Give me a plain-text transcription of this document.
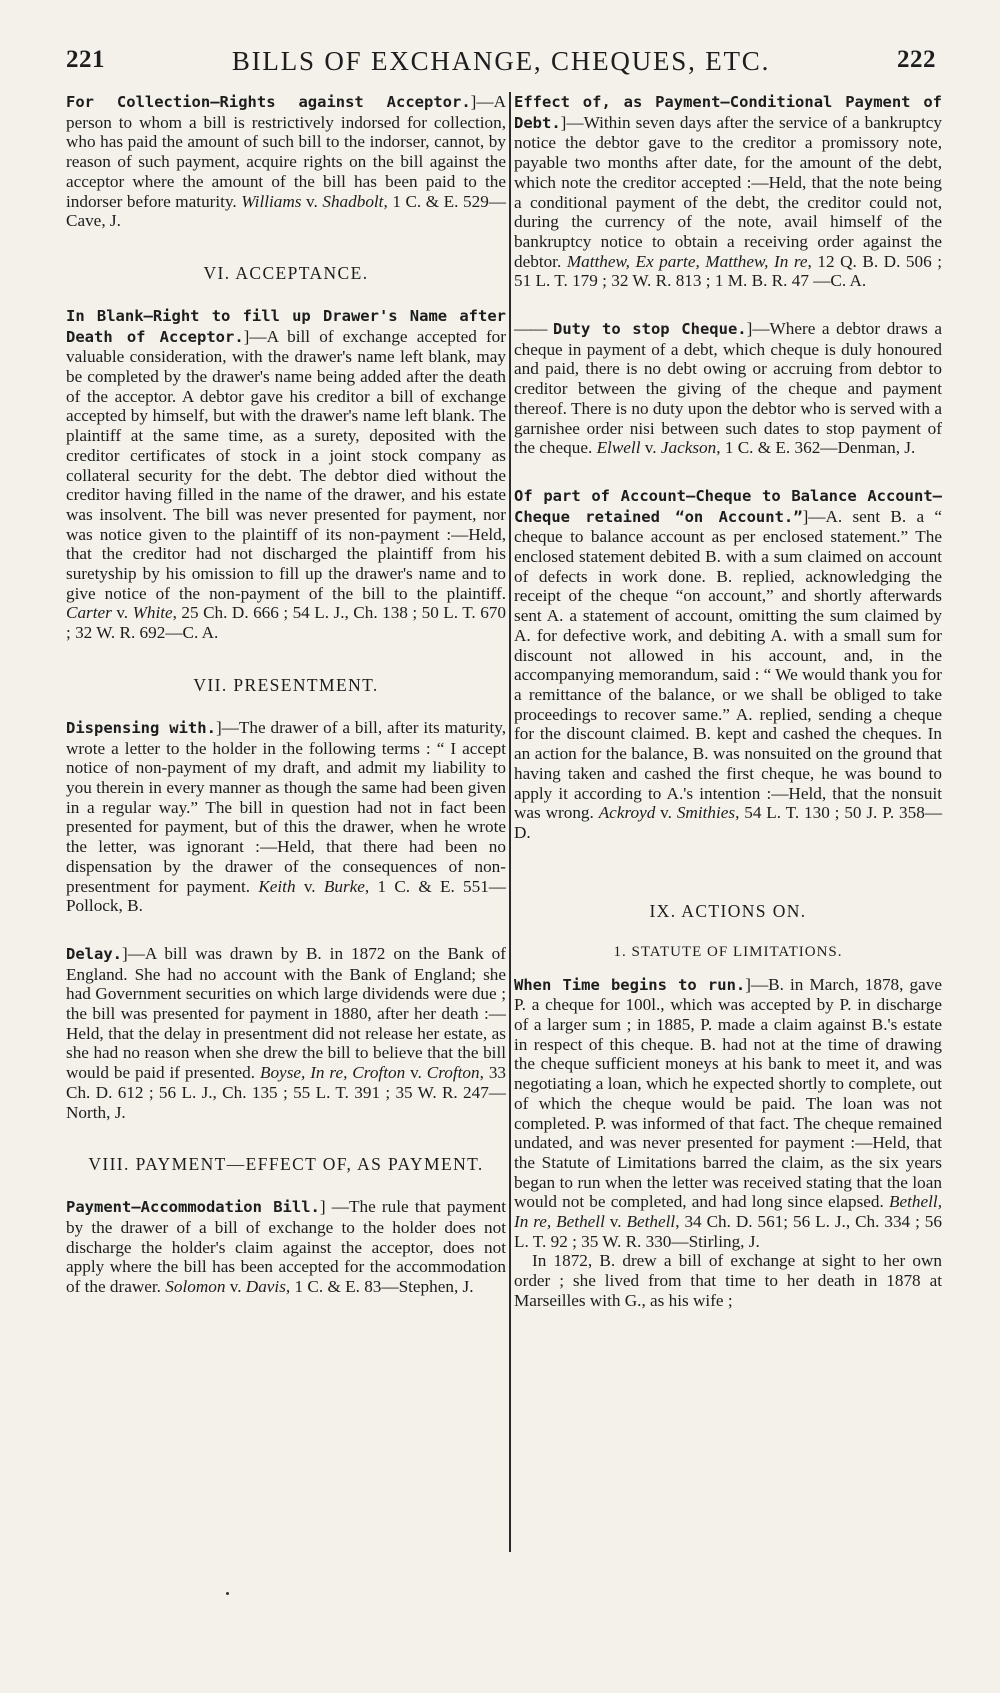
221	BILLS OF EXCHANGE, CHEQUES, ETC.	222

For Collection—Rights against Acceptor.]—A person to whom a bill is restrictively indorsed for collection, who has paid the amount of such bill to the indorser, cannot, by reason of such payment, acquire rights on the bill against the acceptor where the amount of the bill has been paid to the indorser before maturity. Williams v. Shadbolt, 1 C. & E. 529—Cave, J.

VI. ACCEPTANCE.

In Blank—Right to fill up Drawer's Name after Death of Acceptor.]—A bill of exchange accepted for valuable consideration, with the drawer's name left blank, may be completed by the drawer's name being added after the death of the acceptor. A debtor gave his creditor a bill of exchange accepted by himself, but with the drawer's name left blank. The plaintiff at the same time, as a surety, deposited with the creditor certificates of stock in a joint stock company as collateral security for the debt. The debtor died without the creditor having filled in the name of the drawer, and his estate was insolvent. The bill was never presented for payment, nor was notice given to the plaintiff of its non-payment :—Held, that the creditor had not discharged the plaintiff from his suretyship by his omission to fill up the drawer's name and to give notice of the non-payment of the bill to the plaintiff. Carter v. White, 25 Ch. D. 666 ; 54 L. J., Ch. 138 ; 50 L. T. 670 ; 32 W. R. 692—C. A.

VII. PRESENTMENT.

Dispensing with.]—The drawer of a bill, after its maturity, wrote a letter to the holder in the following terms : “ I accept notice of non-payment of my draft, and admit my liability to you therein in every manner as though the same had been given in a regular way.” The bill in question had not in fact been presented for payment, but of this the drawer, when he wrote the letter, was ignorant :—Held, that there had been no dispensation by the drawer of the consequences of non-presentment for payment. Keith v. Burke, 1 C. & E. 551—Pollock, B.

Delay.]—A bill was drawn by B. in 1872 on the Bank of England. She had no account with the Bank of England; she had Government securities on which large dividends were due ; the bill was presented for payment in 1880, after her death :—Held, that the delay in presentment did not release her estate, as she had no reason when she drew the bill to believe that the bill would be paid if presented. Boyse, In re, Crofton v. Crofton, 33 Ch. D. 612 ; 56 L. J., Ch. 135 ; 55 L. T. 391 ; 35 W. R. 247—North, J.

VIII. PAYMENT—EFFECT OF, AS PAYMENT.

Payment—Accommodation Bill.] —The rule that payment by the drawer of a bill of exchange to the holder does not discharge the holder's claim against the acceptor, does not apply where the bill has been accepted for the accommodation of the drawer. Solomon v. Davis, 1 C. & E. 83—Stephen, J.

Effect of, as Payment—Conditional Payment of Debt.]—Within seven days after the service of a bankruptcy notice the debtor gave to the creditor a promissory note, payable two months after date, for the amount of the debt, which note the creditor accepted :—Held, that the note being a conditional payment of the debt, the creditor could not, during the currency of the note, avail himself of the bankruptcy notice to obtain a receiving order against the debtor. Matthew, Ex parte, Matthew, In re, 12 Q. B. D. 506 ; 51 L. T. 179 ; 32 W. R. 813 ; 1 M. B. R. 47 —C. A.

—— Duty to stop Cheque.]—Where a debtor draws a cheque in payment of a debt, which cheque is duly honoured and paid, there is no debt owing or accruing from debtor to creditor between the giving of the cheque and payment thereof. There is no duty upon the debtor who is served with a garnishee order nisi between such dates to stop payment of the cheque. Elwell v. Jackson, 1 C. & E. 362—Denman, J.

Of part of Account—Cheque to Balance Account—Cheque retained “on Account.”]—A. sent B. a “ cheque to balance account as per enclosed statement.” The enclosed statement debited B. with a sum claimed on account of defects in work done. B. replied, acknowledging the receipt of the cheque “on account,” and shortly afterwards sent A. a statement of account, omitting the sum claimed by A. for defective work, and debiting A. with a small sum for discount not allowed in his account, and, in the accompanying memorandum, said : “ We would thank you for a remittance of the balance, or we shall be obliged to take proceedings to recover same.” A. replied, sending a cheque for the discount claimed. B. kept and cashed the cheques. In an action for the balance, B. was nonsuited on the ground that having taken and cashed the first cheque, he was bound to apply it according to A.'s intention :—Held, that the nonsuit was wrong. Ackroyd v. Smithies, 54 L. T. 130 ; 50 J. P. 358—D.

IX. ACTIONS ON.
1. STATUTE OF LIMITATIONS.

When Time begins to run.]—B. in March, 1878, gave P. a cheque for 100l., which was accepted by P. in discharge of a larger sum ; in 1885, P. made a claim against B.'s estate in respect of this cheque. B. had not at the time of drawing the cheque sufficient moneys at his bank to meet it, and was negotiating a loan, which he expected shortly to complete, out of which the cheque would be paid. The loan was not completed. P. was informed of that fact. The cheque remained undated, and was never presented for payment :—Held, that the Statute of Limitations barred the claim, as the six years began to run when the letter was received stating that the loan would not be completed, and had long since elapsed. Bethell, In re, Bethell v. Bethell, 34 Ch. D. 561; 56 L. J., Ch. 334 ; 56 L. T. 92 ; 35 W. R. 330—Stirling, J.

In 1872, B. drew a bill of exchange at sight to her own order ; she lived from that time to her death in 1878 at Marseilles with G., as his wife ;
